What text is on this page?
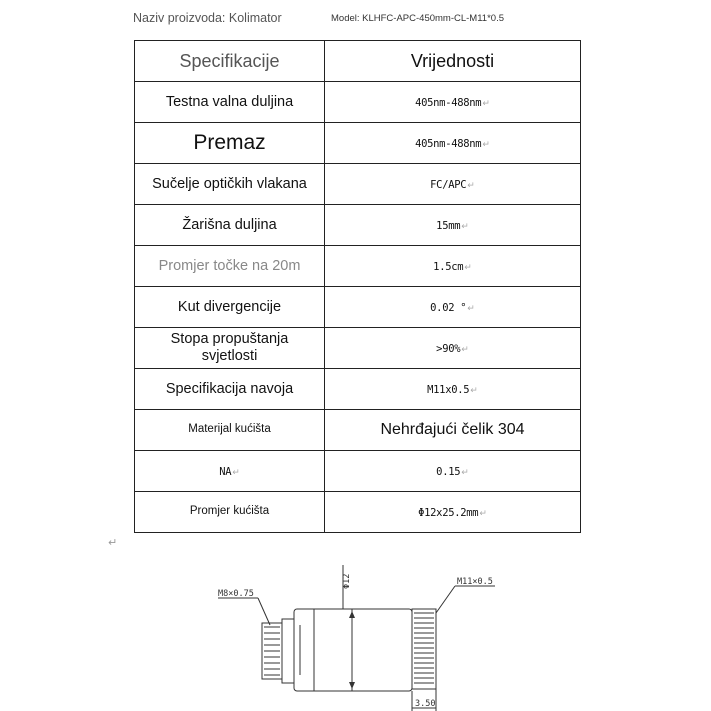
Naziv proizvoda: Kolimator	Model: KLHFC-APC-450mm-CL-M11*0.5
Specifikacije	Vrijednosti
Testna valna duljina	405nm-488nm↵
Premaz	405nm-488nm↵
Sučelje optičkih vlakana	FC/APC↵
Žarišna duljina	15mm↵
Promjer točke na 20m	1.5cm↵
Kut divergencije	0.02 °↵
Stopa propuštanja svjetlosti	>90%↵
Specifikacija navoja	M11x0.5↵
Materijal kućišta	Nehrđajući čelik 304
NA↵	0.15↵
Promjer kućišta	Φ12x25.2mm↵
↵
M8×0.75
M11×0.5
Φ12
3.50
